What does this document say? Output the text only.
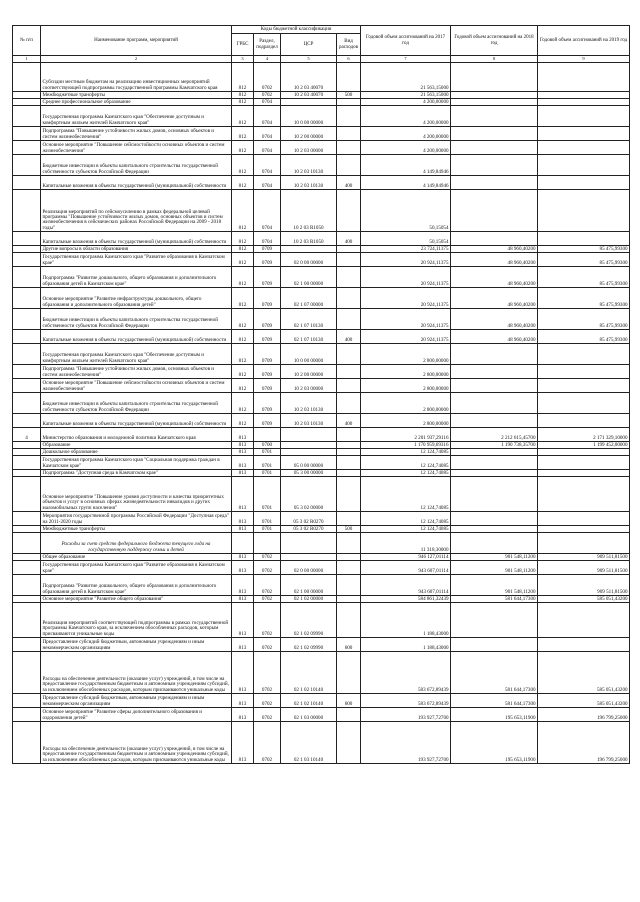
№ п/п	Наименование программ, мероприятий	Коды бюджетной классификации				Годовой объем ассигнований на 2017 год	Годовой объем ассигнований на 2018 год	Годовой объем ассигнований на 2019 год
		ГРБС	Раздел, подраздел	ЦСР	Вид расходов			
1	2	3	4	5	6	7	8	9
	Субсидии местным бюджетам на реализацию инвестиционных мероприятий соответствующей подпрограммы государственной программы Камчатского края	812	0702	10 2 03 40070		21 563,15000		
	Межбюджетные трансферты	812	0702	10 2 03 40070	500	21 563,15000		
	Среднее профессиональное образование	812	0704			4 200,00000		
	Государственная программа Камчатского края "Обеспечение доступным и комфортным жильем жителей Камчатского края"	812	0704	10 0 00 00000		4 200,00000		
	Подпрограмма "Повышение устойчивости жилых домов, основных объектов и систем жизнеобеспечения"	812	0704	10 2 00 00000		4 200,00000		
	Основное мероприятие "Повышение сейсмостойкости основных объектов и систем жизнеобеспечения"	812	0704	10 2 03 00000		4 200,00000		
	Бюджетные инвестиции в объекты капитального строительства государственной собственности субъектов Российской Федерации	812	0704	10 2 03 10130		4 149,84946		
	Капитальные вложения в объекты государственной (муниципальной) собственности	812	0704	10 2 03 10130	400	4 149,84946		
	Реализация мероприятий по сейсмоусилению в рамках федеральной целевой программы "Повышение устойчивости жилых домов, основных объектов и систем жизнеобеспечения в сейсмических районах Российской Федерации на 2009 - 2018 годы"	812	0704	10 2 03 R1050		50,15054		
	Капитальные вложения в объекты государственной (муниципальной) собственности	812	0704	10 2 03 R1050	400	50,15054		
	Другие вопросы в области образования	812	0709			23 724,11375	48 960,40200	85 475,99300
	Государственная программа Камчатского края "Развитие образования в Камчатском крае"	812	0709	02 0 00 00000		20 924,11375	48 960,40200	85 475,99300
	Подпрограмма "Развитие дошкольного, общего образования и дополнительного образования детей в Камчатском крае"	812	0709	02 1 00 00000		20 924,11375	48 960,40200	85 475,99300
	Основное мероприятие "Развитие инфраструктуры дошкольного, общего образования и дополнительного образования детей"	812	0709	02 1 07 00000		20 924,11375	48 960,40200	85 475,99300
	Бюджетные инвестиции в объекты капитального строительства государственной собственности субъектов Российской Федерации	812	0709	02 1 07 10130		20 924,11375	48 960,40200	85 475,99300
	Капитальные вложения в объекты государственной (муниципальной) собственности	812	0709	02 1 07 10130	400	20 924,11375	48 960,40200	85 475,99300
	Государственная программа Камчатского края "Обеспечение доступным и комфортным жильем жителей Камчатского края"	812	0709	10 0 00 00000		2 800,00000		
	Подпрограмма "Повышение устойчивости жилых домов, основных объектов и систем жизнеобеспечения"	812	0709	10 2 00 00000		2 800,00000		
	Основное мероприятие "Повышение сейсмостойкости основных объектов и систем жизнеобеспечения"	812	0709	10 2 03 00000		2 800,00000		
	Бюджетные инвестиции в объекты капитального строительства государственной собственности субъектов Российской Федерации	812	0709	10 2 03 10130		2 800,00000		
	Капитальные вложения в объекты государственной (муниципальной) собственности	812	0709	10 2 03 10130	400	2 800,00000		
4	Министерство образования и молодежной политики Камчатского края	813				2 201 937,29116	2 212 615,45700	2 171 329,10000
	Образование	813	0700			1 170 959,69316	1 190 738,35700	1 199 452,00000
	Дошкольное образование	813	0701			12 124,74085		
	Государственная программа Камчатского края "Социальная поддержка граждан в Камчатском крае"	813	0701	05 0 00 00000		12 124,74085		
	Подпрограмма "Доступная среда в Камчатском крае"	813	0701	05 3 00 00000		12 124,74085		
	Основное мероприятие "Повышение уровня доступности и качества приоритетных объектов и услуг в основных сферах жизнедеятельности инвалидов и других маломобильных групп населения"	813	0701	05 3 02 00000		12 124,74085		
	Мероприятия государственной программы Российской Федерации "Доступная среда" на 2011-2020 годы	813	0701	05 3 02 R0270		12 124,74085		
	Межбюджетные трансферты	813	0701	05 3 02 R0270	500	12 124,74085		
	Расходы за счет средств федерального бюджета текущего года на государственную поддержку семьи и детей					11 318,30000		
	Общее образование	813	0702			946 127,01114	901 548,11200	909 511,81500
	Государственная программа Камчатского края "Развитие образования в Камчатском крае"	813	0702	02 0 00 00000		943 607,01114	901 548,11200	909 511,81500
	Подпрограмма "Развитие дошкольного, общего образования и дополнительного образования детей в Камчатском крае"	813	0702	02 1 00 00000		943 607,01114	901 548,11200	909 511,81500
	Основное мероприятие "Развитие общего образования"	813	0702	02 1 02 00000		584 861,32439	581 644,17300	585 051,43200
	Реализация мероприятий соответствующей подпрограммы в рамках государственной программы Камчатского края, за исключением обособленных расходов, которым присваиваются уникальные коды	813	0702	02 1 02 09990		1 188,43000		
	Предоставление субсидий бюджетным, автономным учреждениям и иным некоммерческим организациям	813	0702	02 1 02 09990	600	1 188,43000		
	Расходы на обеспечение деятельности (оказание услуг) учреждений, в том числе на предоставление государственным бюджетным и автономным учреждениям субсидий, за исключением обособленных расходов, которым присваиваются уникальные коды	813	0702	02 1 02 10140		583 672,89439	581 644,17300	585 051,43200
	Предоставление субсидий бюджетным, автономным учреждениям и иным некоммерческим организациям	813	0702	02 1 02 10140	600	583 672,89439	581 644,17300	585 051,43200
	Основное мероприятие "Развитие сферы дополнительного образования и оздоровления детей"	813	0702	02 1 03 00000		193 927,72700	195 653,11900	196 799,25000
	Расходы на обеспечение деятельности (оказание услуг) учреждений, в том числе на предоставление государственным бюджетным и автономным учреждениям субсидий, за исключением обособленных расходов, которым присваиваются уникальные коды	813	0702	02 1 03 10140		193 927,72700	195 653,11900	196 799,25000
